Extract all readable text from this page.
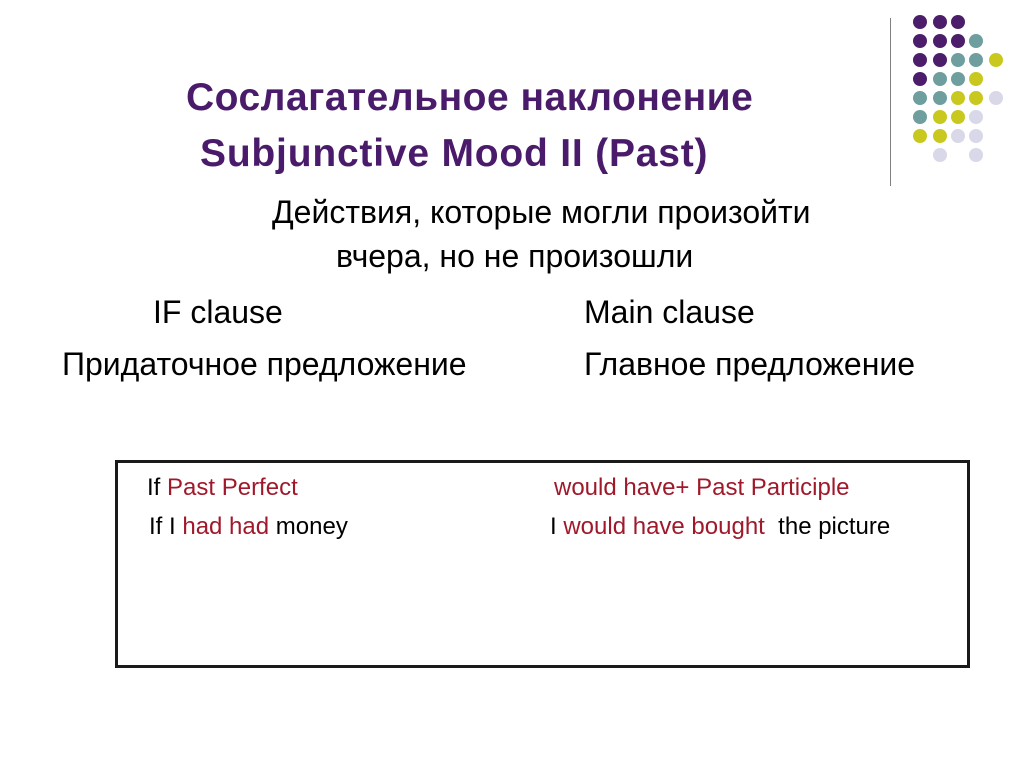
Сослагательное наклонение
Subjunctive Mood II (Past)
Действия, которые могли произойти
вчера, но не произошли
IF clause	Main clause
Придаточное предложение	Главное предложение
If Past Perfect	would have+ Past Participle
If I had had money	I would have bought  the picture
